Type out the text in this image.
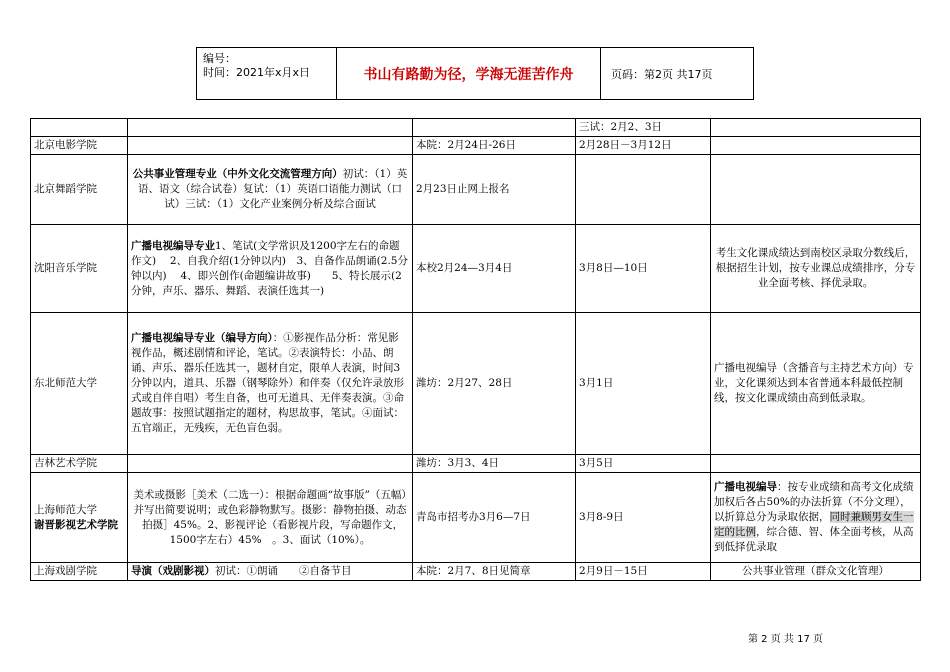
编号：
时间：2021年x月x日	书山有路勤为径，学海无涯苦作舟	页码：第2页 共17页
			三试：2月2、3日	
北京电影学院		本院：2月24日-26日	2月28日－3月12日	
北京舞蹈学院	公共事业管理专业（中外文化交流管理方向）初试：（1）英语、语文（综合试卷）复试：（1）英语口语能力测试（口试）三试：（1）文化产业案例分析及综合面试	2月23日止网上报名		
沈阳音乐学院	广播电视编导专业1、笔试(文学常识及1200字左右的命题作文)　 2、自我介绍(1分钟以内)　3、自备作品朗诵(2.5分钟以内)　 4、即兴创作(命题编讲故事)　　5、特长展示(2分钟，声乐、器乐、舞蹈、表演任选其一)	本校2月24—3月4日	3月8日—10日	考生文化课成绩达到南校区录取分数线后，根据招生计划，按专业课总成绩排序，分专业全面考核、择优录取。
东北师范大学	广播电视编导专业（编导方向）：①影视作品分析：常见影视作品，概述剧情和评论，笔试。②表演特长：小品、朗诵、声乐、器乐任选其一，题材自定，限单人表演，时间3分钟以内，道具、乐器（钢琴除外）和伴奏（仅允许录放形式或自伴自唱）考生自备，也可无道具、无伴奏表演。③命题故事：按照试题指定的题材，构思故事，笔试。④面试：五官端正，无残疾，无色盲色弱。	潍坊：2月27、28日	3月1日	广播电视编导（含播音与主持艺术方向）专业，文化课须达到本省普通本科最低控制线，按文化课成绩由高到低录取。
吉林艺术学院		潍坊：3月3、4日	3月5日	

上海师范大学
谢晋影视艺术学院	美术或摄影［美术（二选一）：根据命题画“故事版”（五幅）并写出简要说明；或色彩静物默写。摄影：静物拍摄、动态拍摄］45%。2、影视评论（看影视片段，写命题作文，　1500字左右）45%　。3、面试（10%）。	青岛市招考办3月6—7日	3月8-9日	广播电视编导：按专业成绩和高考文化成绩加权后各占50%的办法折算（不分文理），以折算总分为录取依据，同时兼顾男女生一定的比例，综合德、智、体全面考核，从高到低择优录取
上海戏剧学院	导演（戏剧影视）初试：①朗诵　　②自备节目	本院：2月7、8日见简章	2月9日－15日	公共事业管理（群众文化管理）
第 2 页 共 17 页
